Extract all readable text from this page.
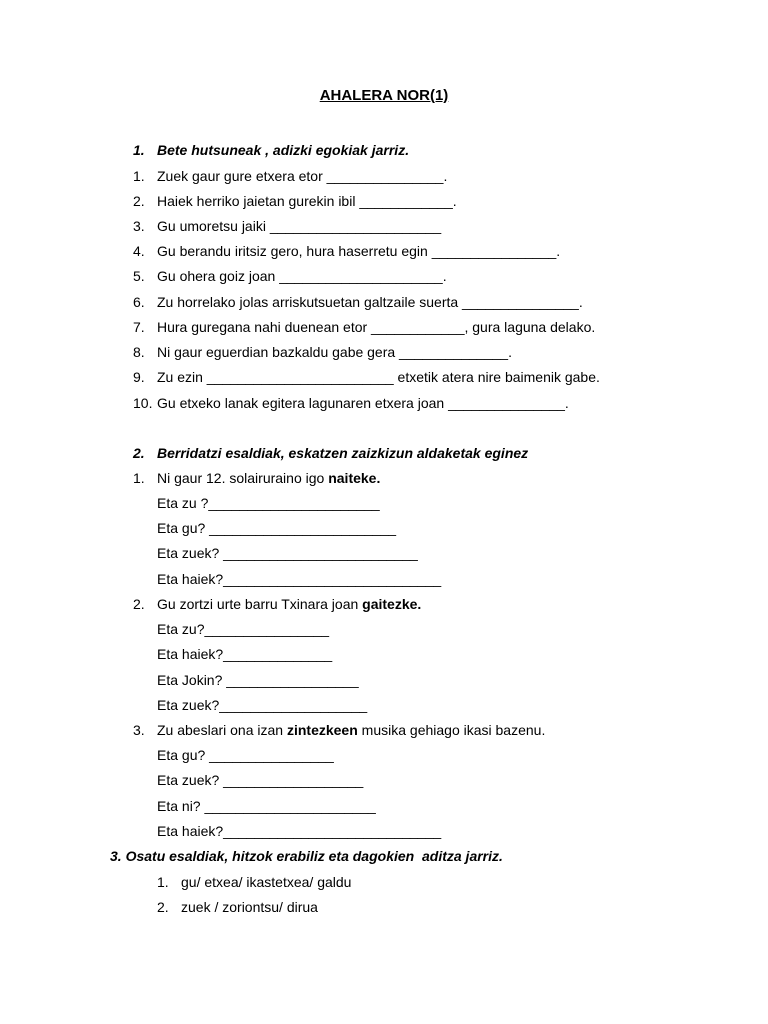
AHALERA NOR(1)
1. Bete hutsuneak , adizki egokiak jarriz.
1. Zuek gaur gure etxera etor _______________.
2. Haiek herriko jaietan gurekin ibil ____________.
3. Gu umoretsu jaiki ______________________
4. Gu berandu iritsiz gero, hura haserretu egin ________________.
5. Gu ohera goiz joan _____________________.
6. Zu horrelako jolas arriskutsuetan galtzaile suerta _______________.
7. Hura guregana nahi duenean etor ____________, gura laguna delako.
8. Ni gaur eguerdian bazkaldu gabe gera ______________.
9. Zu ezin ________________________ etxetik atera nire baimenik gabe.
10. Gu etxeko lanak egitera lagunaren etxera joan _______________.
2. Berridatzi esaldiak, eskatzen zaizkizun aldaketak eginez
1. Ni gaur 12. solairuraino igo naiteke.
Eta zu ?______________________
Eta gu? ________________________
Eta zuek? _________________________
Eta haiek?____________________________
2. Gu zortzi urte barru Txinara joan gaitezke.
Eta zu?________________
Eta haiek?______________
Eta Jokin? _________________
Eta zuek?___________________
3. Zu abeslari ona izan zintezkeen musika gehiago ikasi bazenu.
Eta gu? ________________
Eta zuek? __________________
Eta ni? ______________________
Eta haiek?____________________________
3. Osatu esaldiak, hitzok erabiliz eta dagokien  aditza jarriz.
1. gu/ etxea/ ikastetxea/ galdu
2. zuek / zoriontsu/ dirua
